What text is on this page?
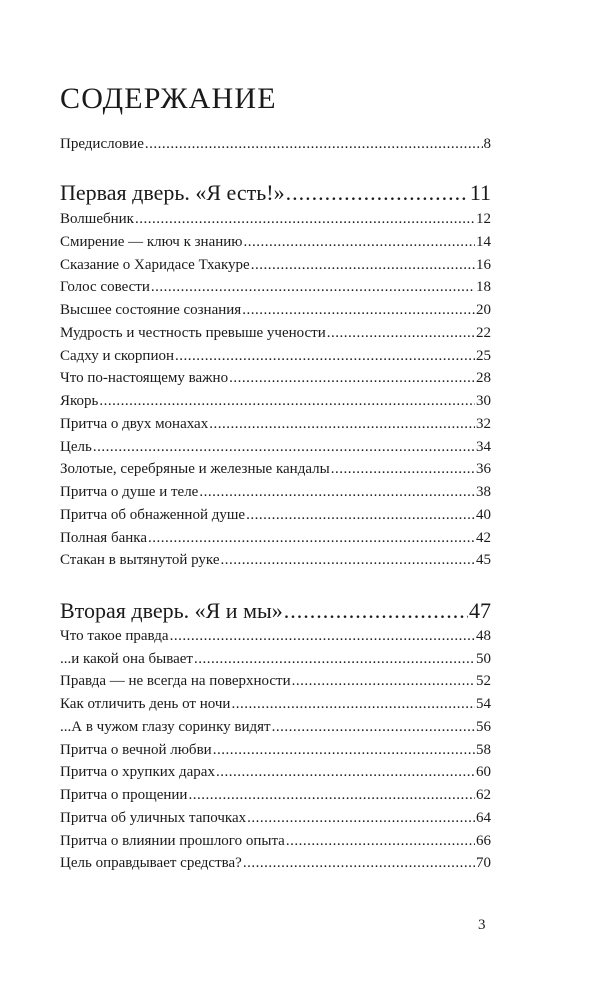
СОДЕРЖАНИЕ
Предисловие .....	8
Первая дверь. «Я есть!» .....	11
Волшебник .....	12
Смирение — ключ к знанию .....	14
Сказание о Харидасе Тхакуре .....	16
Голос совести .....	18
Высшее состояние сознания .....	20
Мудрость и честность превыше учености .....	22
Садху и скорпион .....	25
Что по-настоящему важно .....	28
Якорь .....	30
Притча о двух монахах .....	32
Цель .....	34
Золотые, серебряные и железные кандалы .....	36
Притча о душе и теле .....	38
Притча об обнаженной душе .....	40
Полная банка .....	42
Стакан в вытянутой руке .....	45
Вторая дверь. «Я и мы» .....	47
Что такое правда .....	48
...и какой она бывает .....	50
Правда — не всегда на поверхности .....	52
Как отличить день от ночи .....	54
...А в чужом глазу соринку видят .....	56
Притча о вечной любви .....	58
Притча о хрупких дарах .....	60
Притча о прощении .....	62
Притча об уличных тапочках .....	64
Притча о влиянии прошлого опыта .....	66
Цель оправдывает средства? .....	70
3
